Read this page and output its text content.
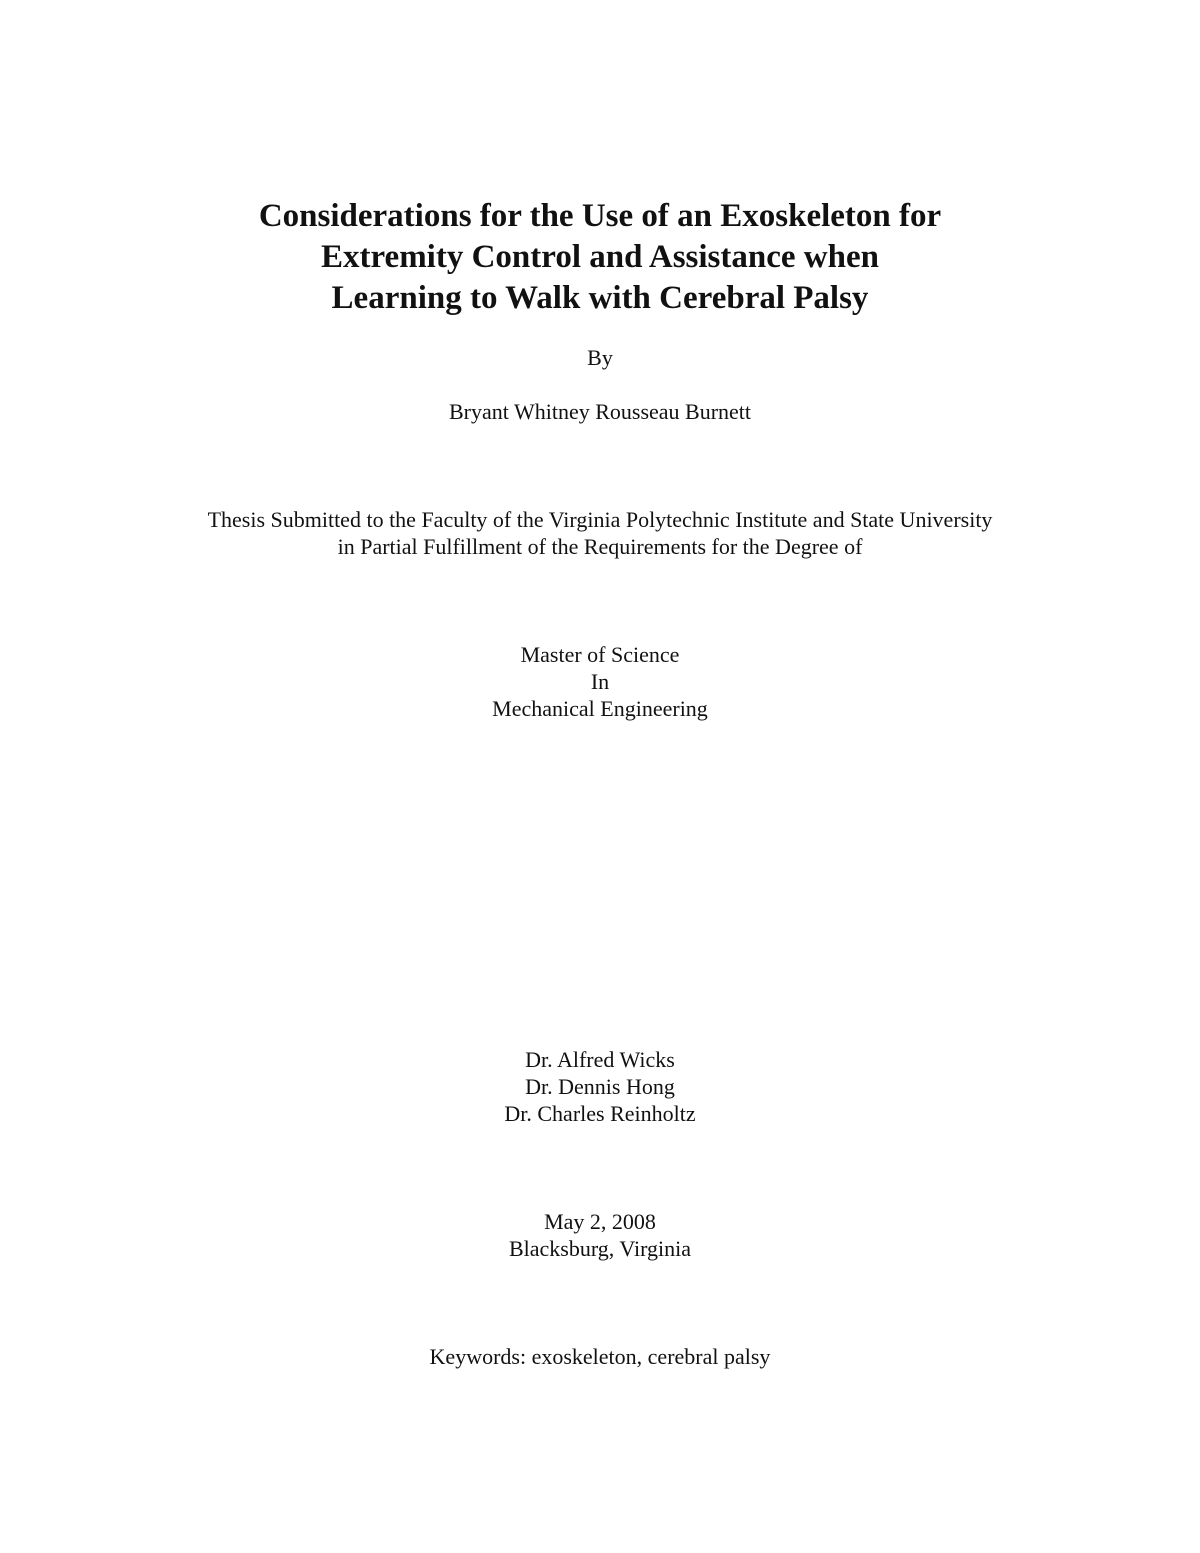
Considerations for the Use of an Exoskeleton for
Extremity Control and Assistance when
Learning to Walk with Cerebral Palsy
By
Bryant Whitney Rousseau Burnett
Thesis Submitted to the Faculty of the Virginia Polytechnic Institute and State University
in Partial Fulfillment of the Requirements for the Degree of
Master of Science
In
Mechanical Engineering
Dr. Alfred Wicks
Dr. Dennis Hong
Dr. Charles Reinholtz
May 2, 2008
Blacksburg, Virginia
Keywords: exoskeleton, cerebral palsy
